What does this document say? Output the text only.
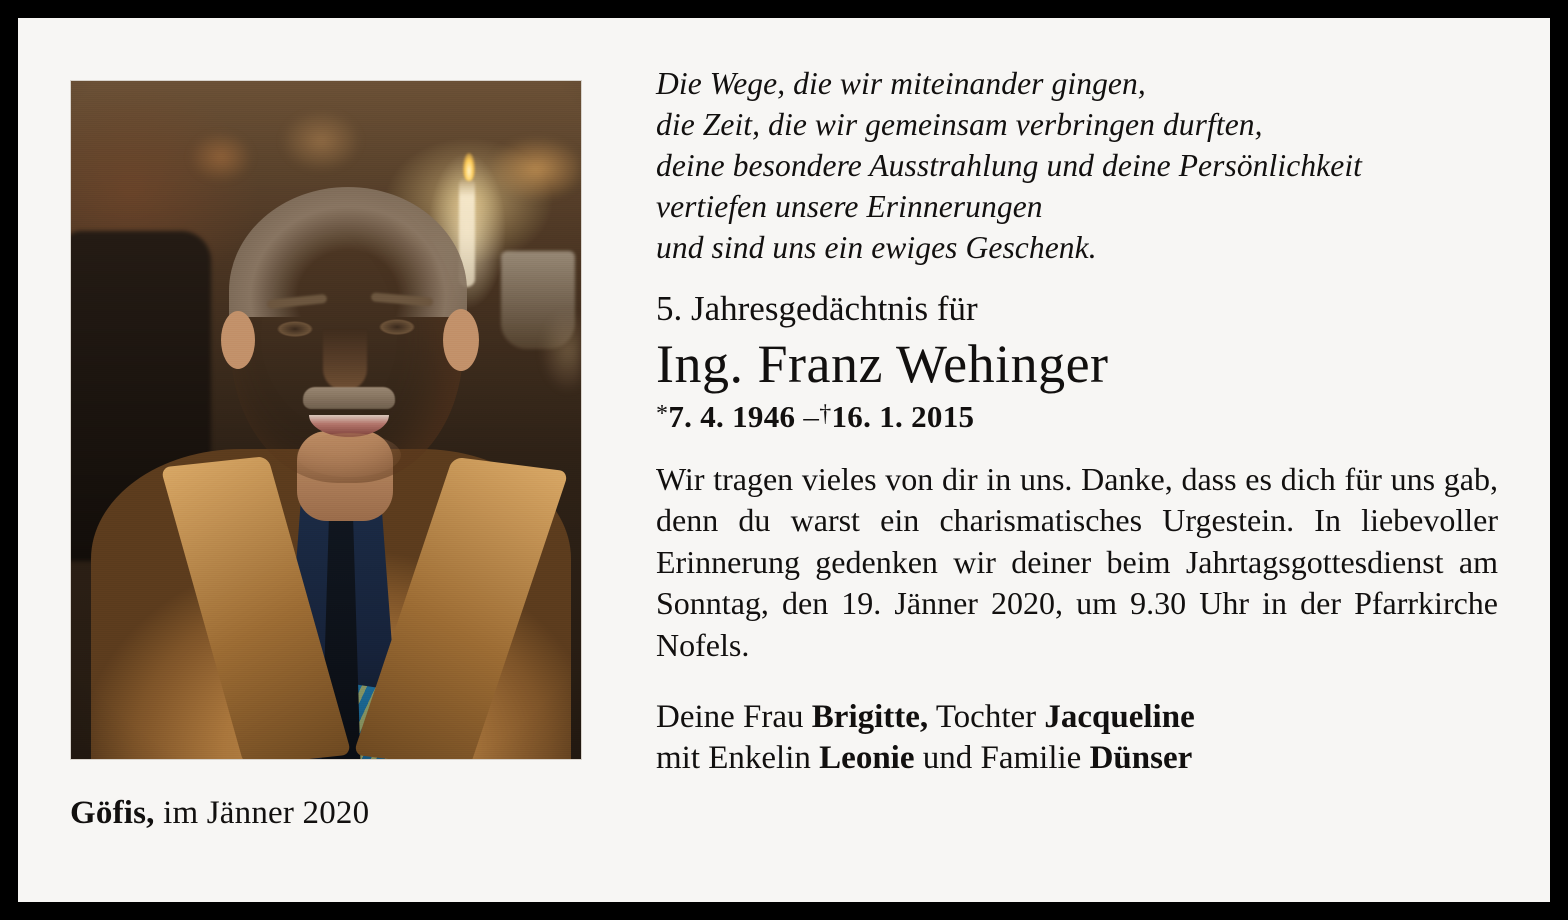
Göfis, im Jänner 2020
Die Wege, die wir miteinander gingen,
die Zeit, die wir gemeinsam verbringen durften,
deine besondere Ausstrahlung und deine Persönlichkeit
vertiefen unsere Erinnerungen
und sind uns ein ewiges Geschenk.
5. Jahresgedächtnis für
Ing. Franz Wehinger
*7. 4. 1946 –†16. 1. 2015
Wir tragen vieles von dir in uns. Danke, dass es dich für uns gab, denn du warst ein charismatisches Urgestein. In liebevoller Erinnerung gedenken wir deiner beim Jahrtagsgottesdienst am Sonntag, den 19. Jänner 2020, um 9.30 Uhr in der Pfarrkirche Nofels.
Deine Frau Brigitte, Tochter Jacqueline
mit Enkelin Leonie und Familie Dünser
